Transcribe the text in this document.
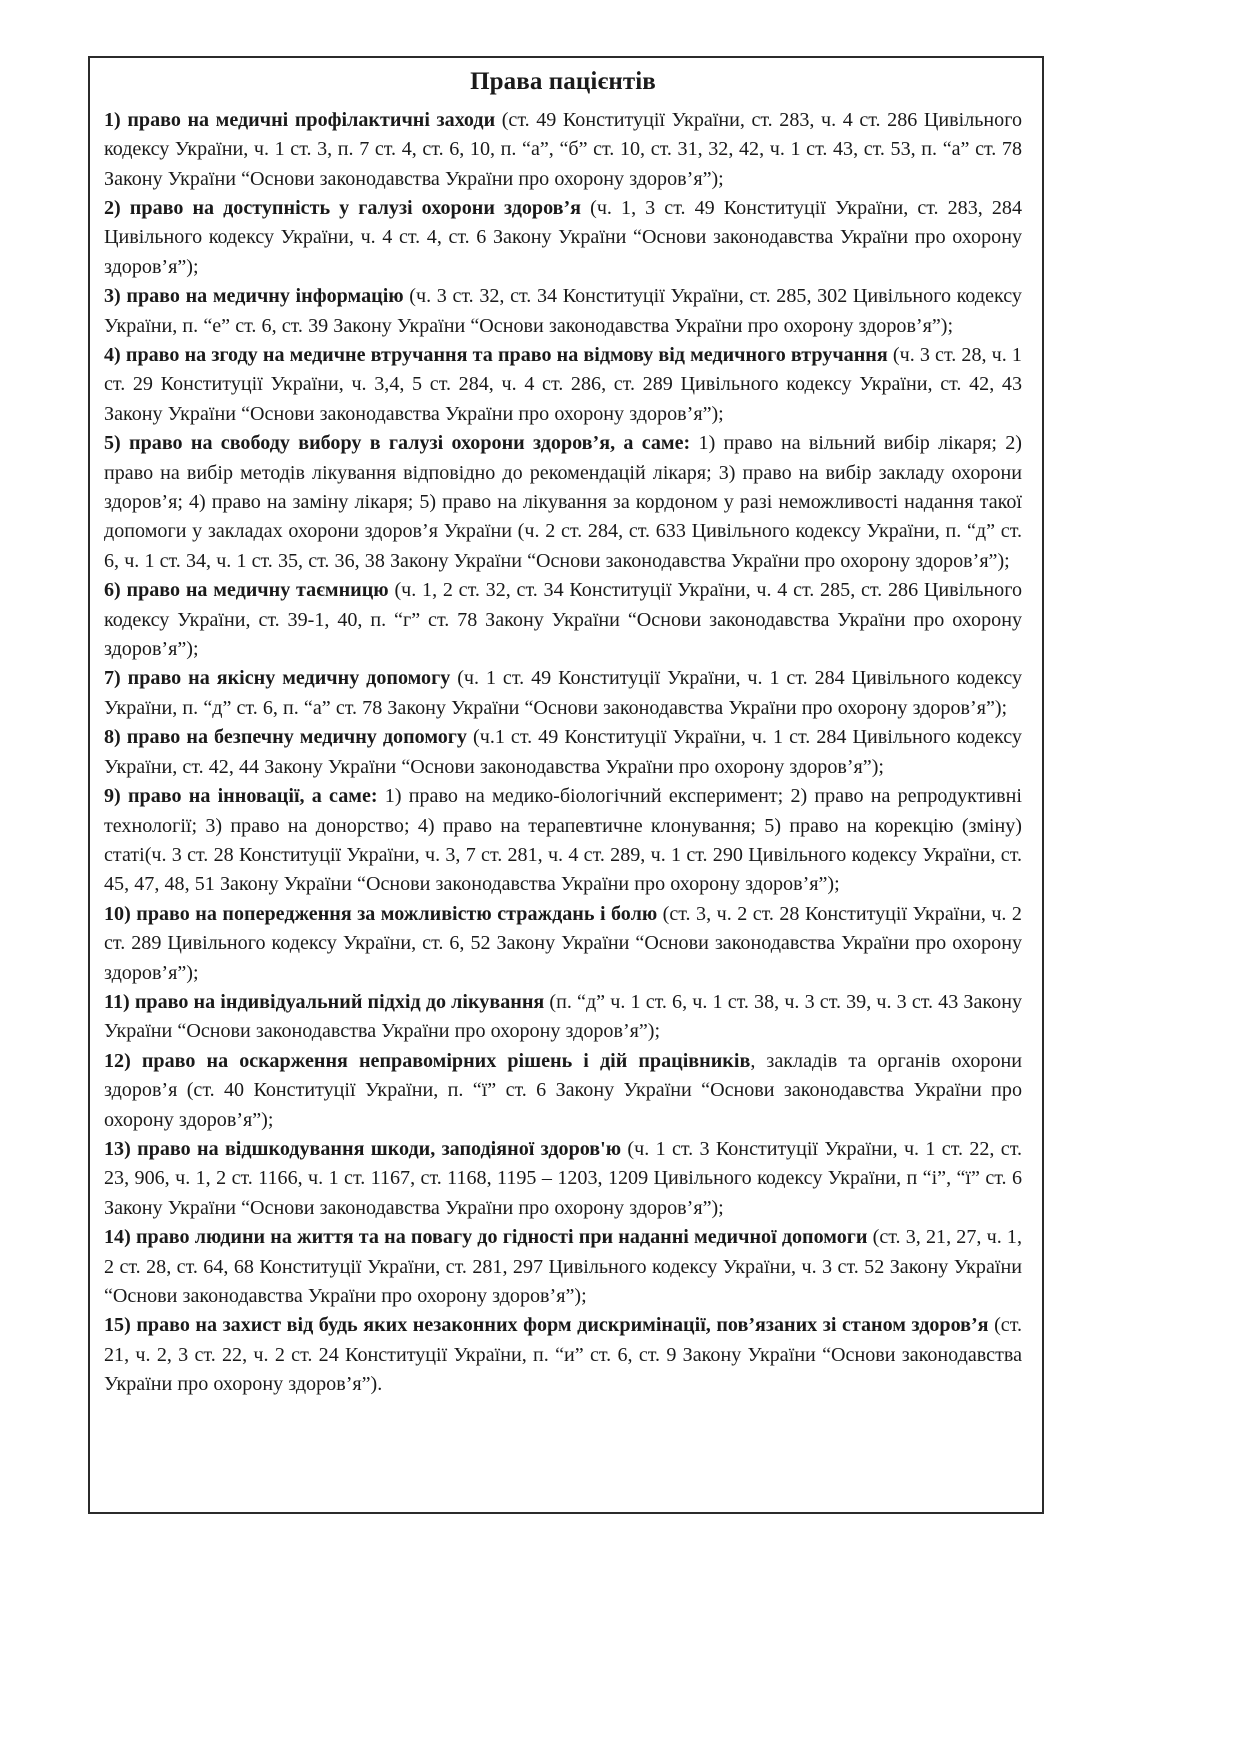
Права пацієнтів

1) право на медичні профілактичні заходи (ст. 49 Конституції України, ст. 283, ч. 4 ст. 286 Цивільного кодексу України, ч. 1 ст. 3, п. 7 ст. 4, ст. 6, 10, п. “а”, “б” ст. 10, ст. 31, 32, 42, ч. 1 ст. 43, ст. 53, п. “а” ст. 78 Закону України “Основи законодавства України про охорону здоров’я”);

2) право на доступність у галузі охорони здоров’я (ч. 1, 3 ст. 49 Конституції України, ст. 283, 284 Цивільного кодексу України, ч. 4 ст. 4, ст. 6 Закону України “Основи законодавства України про охорону здоров’я”);

3) право на медичну інформацію (ч. 3 ст. 32, ст. 34 Конституції України, ст. 285, 302 Цивільного кодексу України, п. “е” ст. 6, ст. 39 Закону України “Основи законодавства України про охорону здоров’я”);

4) право на згоду на медичне втручання та право на відмову від медичного втручання (ч. 3 ст. 28, ч. 1 ст. 29 Конституції України, ч. 3,4, 5 ст. 284, ч. 4 ст. 286, ст. 289 Цивільного кодексу України, ст. 42, 43 Закону України “Основи законодавства України про охорону здоров’я”);

5) право на свободу вибору в галузі охорони здоров’я, а саме: 1) право на вільний вибір лікаря; 2) право на вибір методів лікування відповідно до рекомендацій лікаря; 3) право на вибір закладу охорони здоров’я; 4) право на заміну лікаря; 5) право на лікування за кордоном у разі неможливості надання такої допомоги у закладах охорони здоров’я України (ч. 2 ст. 284, ст. 633 Цивільного кодексу України, п. “д” ст. 6, ч. 1 ст. 34, ч. 1 ст. 35, ст. 36, 38 Закону України “Основи законодавства України про охорону здоров’я”);

6) право на медичну таємницю (ч. 1, 2 ст. 32, ст. 34 Конституції України, ч. 4 ст. 285, ст. 286 Цивільного кодексу України, ст. 39-1, 40, п. “г” ст. 78 Закону України “Основи законодавства України про охорону здоров’я”);

7) право на якісну медичну допомогу (ч. 1 ст. 49 Конституції України, ч. 1 ст. 284 Цивільного кодексу України, п. “д” ст. 6, п. “а” ст. 78 Закону України “Основи законодавства України про охорону здоров’я”);

8) право на безпечну медичну допомогу (ч.1 ст. 49 Конституції України, ч. 1 ст. 284 Цивільного кодексу України, ст. 42, 44 Закону України “Основи законодавства України про охорону здоров’я”);

9) право на інновації, а саме: 1) право на медико-біологічний експеримент; 2) право на репродуктивні технології; 3) право на донорство; 4) право на терапевтичне клонування; 5) право на корекцію (зміну) статі(ч. 3 ст. 28 Конституції України, ч. 3, 7 ст. 281, ч. 4 ст. 289, ч. 1 ст. 290 Цивільного кодексу України, ст. 45, 47, 48, 51 Закону України “Основи законодавства України про охорону здоров’я”);

10) право на попередження за можливістю страждань і болю (ст. 3, ч. 2 ст. 28 Конституції України, ч. 2 ст. 289 Цивільного кодексу України, ст. 6, 52 Закону України “Основи законодавства України про охорону здоров’я”);

11) право на індивідуальний підхід до лікування (п. “д” ч. 1 ст. 6, ч. 1 ст. 38, ч. 3 ст. 39, ч. 3 ст. 43 Закону України “Основи законодавства України про охорону здоров’я”);

12) право на оскарження неправомірних рішень і дій працівників, закладів та органів охорони здоров’я (ст. 40 Конституції України, п. “ї” ст. 6 Закону України “Основи законодавства України про охорону здоров’я”);

13) право на відшкодування шкоди, заподіяної здоров'ю (ч. 1 ст. 3 Конституції України, ч. 1 ст. 22, ст. 23, 906, ч. 1, 2 ст. 1166, ч. 1 ст. 1167, ст. 1168, 1195 – 1203, 1209 Цивільного кодексу України, п “і”, “ї” ст. 6 Закону України “Основи законодавства України про охорону здоров’я”);

14) право людини на життя та на повагу до гідності при наданні медичної допомоги (ст. 3, 21, 27, ч. 1, 2 ст. 28, ст. 64, 68 Конституції України, ст. 281, 297 Цивільного кодексу України, ч. 3 ст. 52 Закону України “Основи законодавства України про охорону здоров’я”);

15) право на захист від будь яких незаконних форм дискримінації, пов’язаних зі станом здоров’я (ст. 21, ч. 2, 3 ст. 22, ч. 2 ст. 24 Конституції України, п. “и” ст. 6, ст. 9 Закону України “Основи законодавства України про охорону здоров’я”).
